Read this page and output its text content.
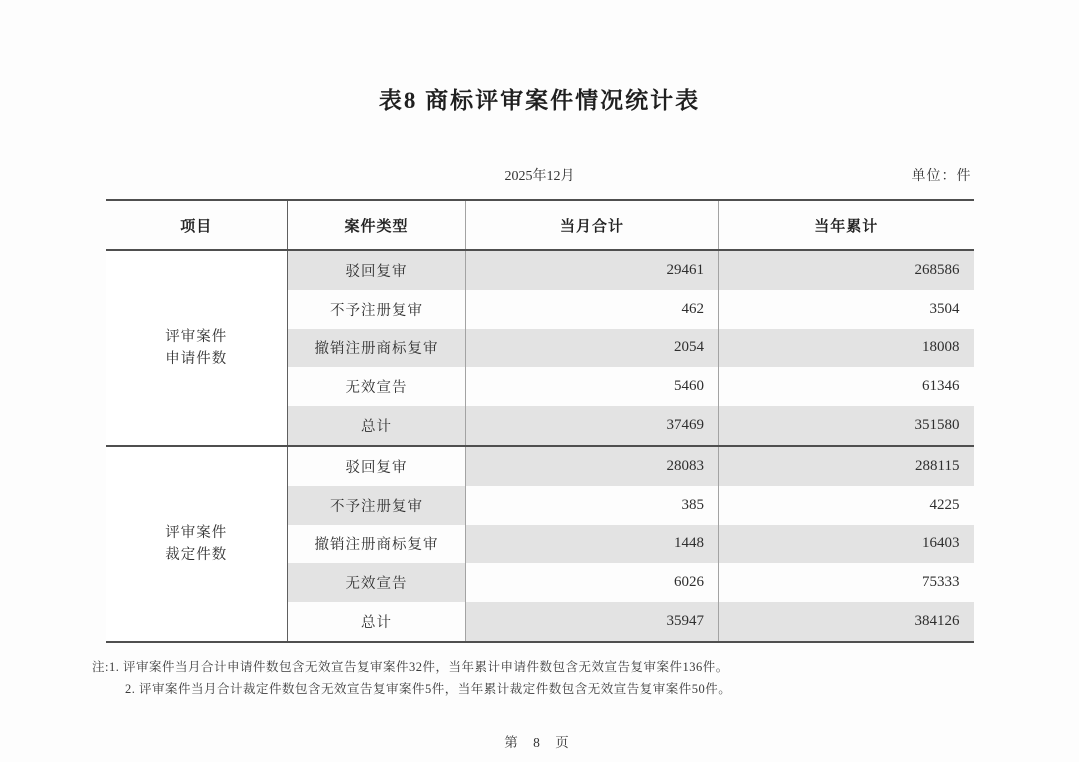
表8 商标评审案件情况统计表
2025年12月	单位：件
项目	案件类型	当月合计	当年累计

评审案件
申请件数	驳回复审	29461	268586
	不予注册复审	462	3504
	撤销注册商标复审	2054	18008
	无效宣告	5460	61346
	总计	37469	351580

评审案件
裁定件数	驳回复审	28083	288115
	不予注册复审	385	4225
	撤销注册商标复审	1448	16403
	无效宣告	6026	75333
	总计	35947	384126
注:1. 评审案件当月合计申请件数包含无效宣告复审案件32件，当年累计申请件数包含无效宣告复审案件136件。
2. 评审案件当月合计裁定件数包含无效宣告复审案件5件，当年累计裁定件数包含无效宣告复审案件50件。
第 8 页
